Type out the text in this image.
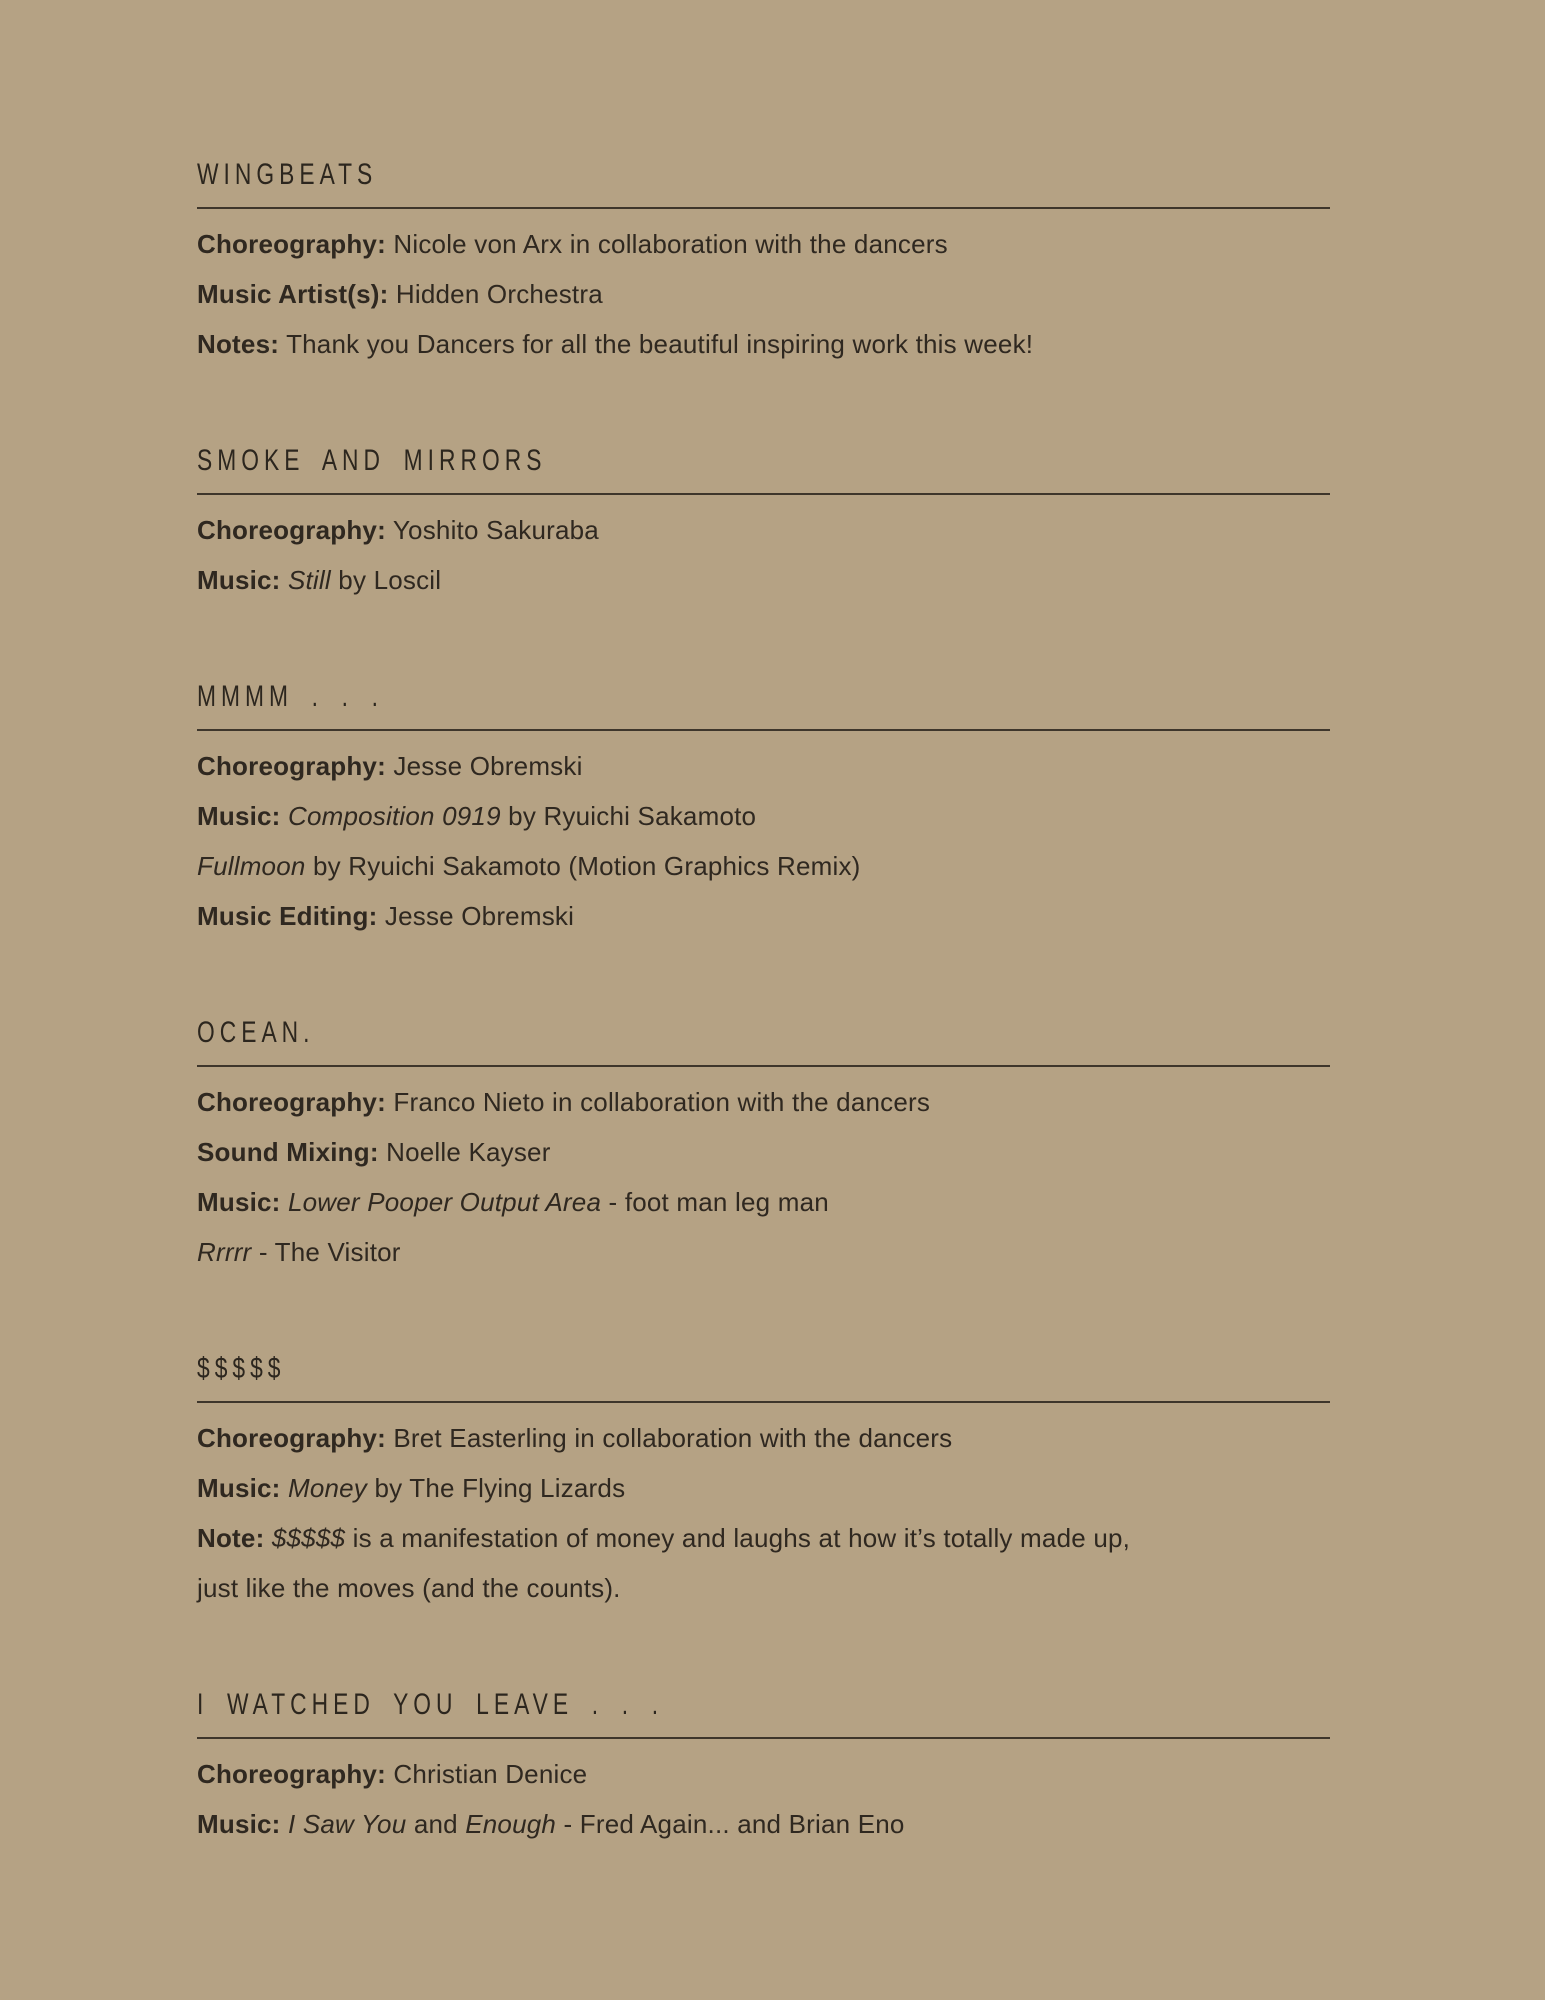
WINGBEATS

Choreography: Nicole von Arx in collaboration with the dancers

Music Artist(s): Hidden Orchestra

Notes: Thank you Dancers for all the beautiful inspiring work this week!

SMOKE AND MIRRORS

Choreography: Yoshito Sakuraba

Music: Still by Loscil

MMMM . . .

Choreography: Jesse Obremski

Music: Composition 0919 by Ryuichi Sakamoto

Fullmoon by Ryuichi Sakamoto (Motion Graphics Remix)

Music Editing: Jesse Obremski

OCEAN.

Choreography: Franco Nieto in collaboration with the dancers

Sound Mixing: Noelle Kayser

Music: Lower Pooper Output Area - foot man leg man

Rrrrr - The Visitor

$$$$$

Choreography: Bret Easterling in collaboration with the dancers

Music: Money by The Flying Lizards

Note: $$$$$ is a manifestation of money and laughs at how it’s totally made up,

just like the moves (and the counts).

I WATCHED YOU LEAVE . . .

Choreography: Christian Denice

Music: I Saw You and Enough - Fred Again... and Brian Eno
